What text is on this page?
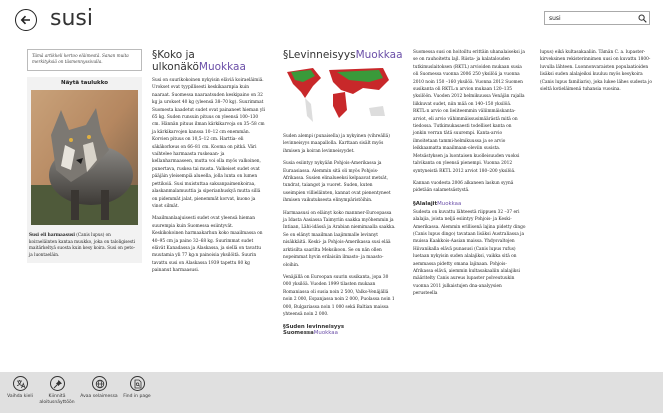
susi	susi
Tämä artikkeli kertoo eläimestä. Sanan muita merkityksiä on täsmennyssivulla.
Näytä taulukko

Susi eli harmaasusi (Canis lupus) on koiraeläinten kantaa muukko, joka on taloligisesti maitärkeltyä suosta kuin kesy koira. Susi on peto- ja luontaeläin.

§Koko ja ulkonäköMuokkaa

Susi on suurikokoinen nykyisin eläviä koiraeläimiä. Urokset ovat tyypillisesti keskikaarnpia kuin naaraat. Suomessa naaraatsuden keskipaino on 32 kg ja urokset 40 kg (yleensä 38–70 kg). Suurimmat Suomesta kaadetut sudet ovat painaneet hieman yli 65 kg. Suden runsuin pituus on yleensä 100–130 cm. Hännän pituus ilman kärkikarvoja on 35–58 cm ja kärkikarvojen kanssa 10–12 cm enemmän. Korvien pituus on 10,5–12 cm. Harttia- eli säkäkorkeus on 66–81 cm. Kooma on pitkä. Väri vaihtelee harmaasta ruskeaan- ja kellanharmaaseen, mutta voi olla myös valkoinen, punertava, ruskea tai musta. Valkeiset sudet ovat pääjäin yleisempiä alueella, jolla lunta on lumen pettikoiä. Susi muistuttaa saksanpaimenkoiraa, alaskanmalamuuttia ja siperianhuskyä mutta sillä on pidemmät jalat, pienemmät korvat, kuono ja vinot silmät.

Maailmanlaajuisesti sudet ovat yleensä hieman suurempia kuin Suomessa esiintyvät. Keskikokoinen harmaakarhun koko maailmassa on 40–95 cm ja paino 32–68 kg. Suurimmat sudet elävät Kanadassa ja Alaskassa, ja siellä on tavattu muutamia yli 77 kg:n painoisia yksilöitä. Suurin tavattu susi on Alaskassa 1939 tapettu 80 kg painanut harmaasusi.

§LevinneisyysMuokkaa

Suden alempi (punaisella) ja nykyinen (vihreällä) levinneisyys maapallolla. Karttaan sisält myös ihmisen ja koiran levinneisyydet.

Susia esiintyy nykyään Pohjois-Amerikassa ja Euraasiassa. Alemmin sitä oli myös Pohjois-Afrikassa. Susien elinalueeksi kelpaavat metsät, tundrat, taiangot ja vuoret. Suden, kuten useimpien villieläinten, kannat ovat pienentyneet ihmisen vaikutuksesta elinympäristöihin.

Harmaasusi on eläinyt koko mannner-Euroopassa ja Idasta Aasiassa Taimyriin saakka myöhemmin ja Intiaan, Lähi-idässä ja Arabian niemimaalla saakka. Se on elänyt maailman laajimmalle levinnyt nisäkkäitä. Keski- ja Pohjois-Amerikassa susi elää arktisilta saarilta Meksikoon. Se on nän ollen nopeimmat hyvin erilaisiin ilmasto- ja maasto-oloihin.

Venäjällä on Euroopan suurin susikanta, jopa 30 000 yksilöä. Vuoden 1999 tilasten mukaan Romaniassa oli susia noin 2 500, Valko-Venäjällä noin 2 000, Espanjassa noin 2 000, Puolassa noin 1 000, Bulgariassa noin 1 000 sekä Baltian maissa yhteensä noin 2 000.

§Suden levinneisyys SuomessaMuokkaa

Suomessa susi on hoitoiltu erittäin uhanalaiseksi ja se on rauhoitettu lajl. Riista- ja kalatalouden tutkimuslaitoksen (RKTL) arvioiden mukaan susia oli Suomessa vuonna 2006 250 yksilöä ja vuonna 2010 noin 150 –160 yksilöä. Vuonna 2012 Suomen susikanta oli RKTL:n arvion mukaan 120–135 yksilöön. Vuoden 2012 helmikuussa Venäjän rajalla liikkuvat sudet, niin mää on 140–150 yksilöä. RKTL:n arvio on lieiiteemmin väliimmäiskanta-arviot, eli arvio vähimmäissusimäärästä mitä on tiedossa. Tutkimukasaesti todelliset kanta on jonkin verran tätä suurempi. Kanta-arvio ilmoitetaan tammi-helmikuussa ja se arvio leikkaamatta maailmaan-oleviin susista. Metsästyksen ja luontaisen kuolleisuuden vuoksi talvikanta on yleensä pienempi. Vuonna 2012 syntyneistä RKTL 2012 arviot 180–200 yksilöä.

Kannan vuodesta 2006 alkaneen laskun syynä pidetään salametsästystä.

§AlalajitMuokkaa

Sudesta on kuvattu lähteestä riippuen 32 –37 eri alalajia, joista neljä esiintyy Pohjois- ja Keski-Amerikassa. Alemmin erillisenä lajina pidetty dingo (Canis lupus dingo) tavataan lisäksi Australiassa ja muissa Kaakkois-Aasian maissa. Yhdysvaltojen Hiivanikalla elävä punasusi (Canis lupus rufus) luetaan nykyisin suden alalajiksi, vaikka sitä on aemmassa pidetty omana lajinaan. Pohjois-Afrikassa elävä, aiemmin kultasakaaliin alalajiksi määritelty Canis aureus lupaster polveutuukin vuonna 2011 julkaistujen dna-analyysien perusteella

lupus) eikä kultasakaaliin. Tämän C. a. lupaster-kirveksinen rekisterinnimen uusi on kuvattu 1800-luvulla lähteen. Luonnonvaraisten populaatioiden lisäksi suden alalajeiksi kuuluu myös kesykoira (Canis lupus familiaris), joka lukee lähes sudesta jo sieltä kotieläimenä tuhansia vuosina.

Vaihda kieli	Kiinnitä aloitusnäyttöön
Avaa selaimessa	Find in page
